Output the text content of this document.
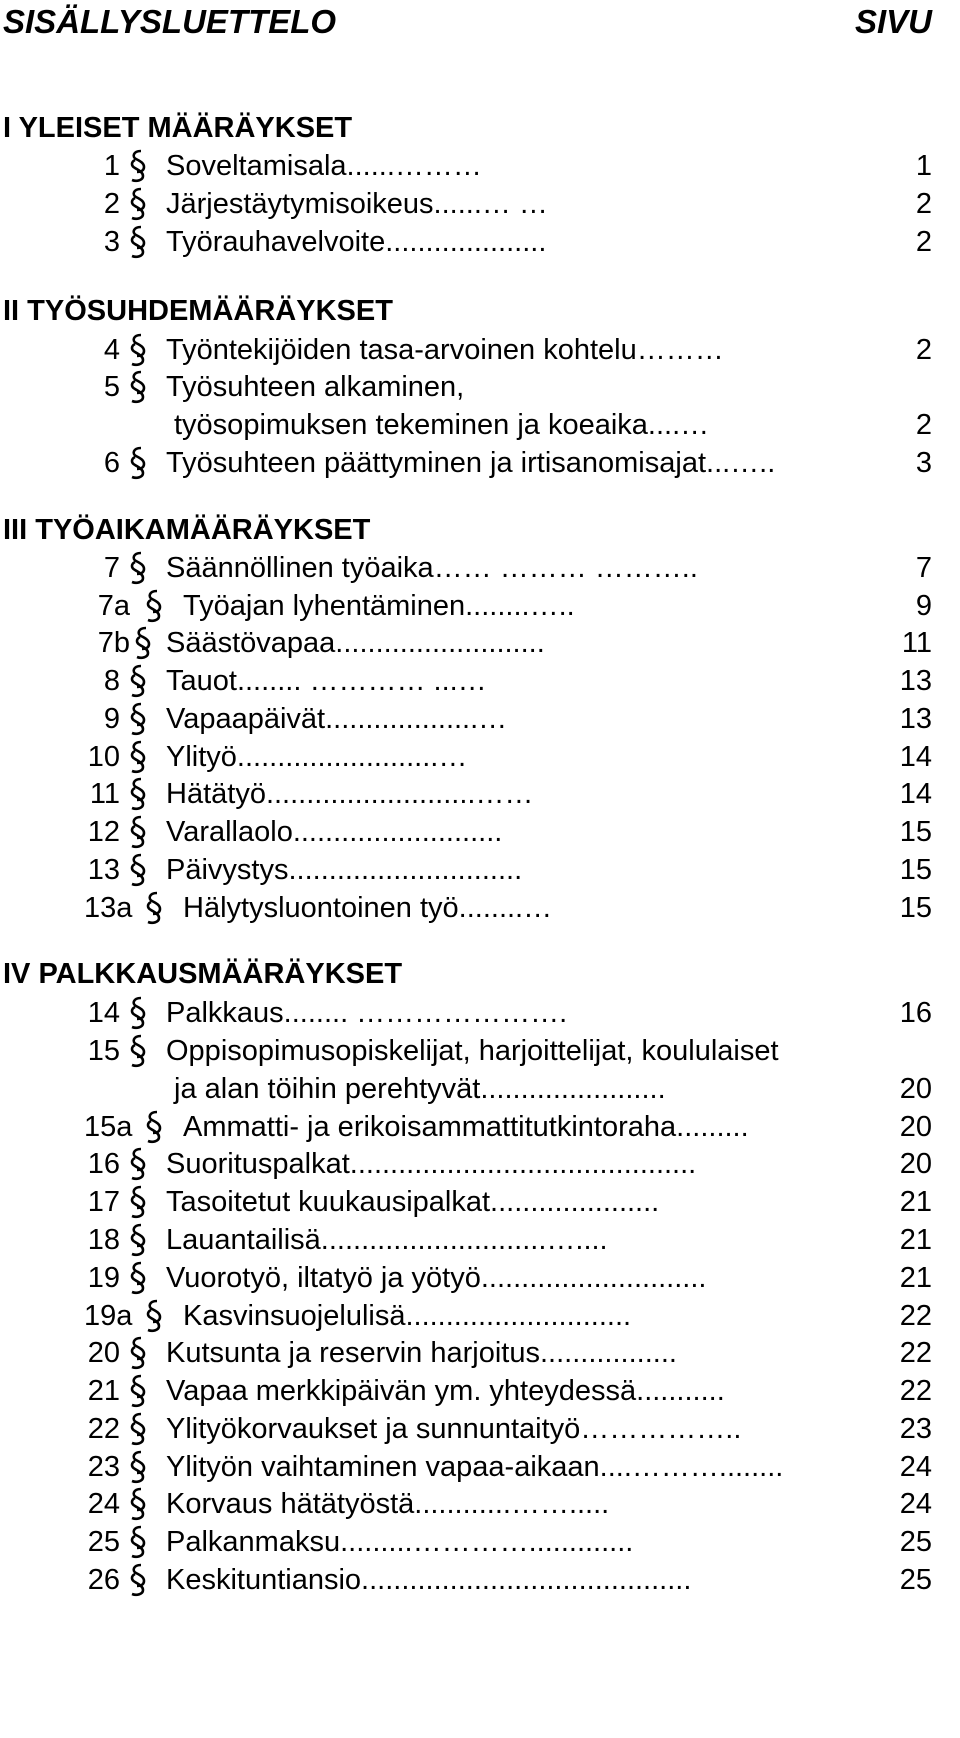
SISÄLLYSLUETTELO	SIVU
I YLEISET MÄÄRÄYKSET
1 Soveltamisala......………	1
2 Järjestäytymisoikeus......… …	2
3 Työrauhavelvoite....................	2
II TYÖSUHDEMÄÄRÄYKSET
4 Työntekijöiden tasa-arvoinen kohtelu………	2
5 Työsuhteen alkaminen,
työsopimuksen tekeminen ja koeaika....…	2
6 Työsuhteen päättyminen ja irtisanomisajat...…..	3
III TYÖAIKAMÄÄRÄYKSET
7 Säännöllinen työaika…… ……… ………..	7
7a Työajan lyhentäminen........…..	9
7b Säästövapaa..........................	11
8 Tauot........ ………… ...…	13
9 Vapaapäivät...................…	13
10 Ylityö.........................…	14
11 Hätätyö..........................……	14
12 Varallaolo..........................	15
13 Päivystys.............................	15
13a Hälytysluontoinen työ........…	15
IV PALKKAUSMÄÄRÄYKSET
14 Palkkaus........ ………………….	16
15 Oppisopimusopiskelijat, harjoittelijat, koululaiset
ja alan töihin perehtyvät.......................	20
15a Ammatti- ja erikoisammattitutkintoraha.........	20
16 Suorituspalkat...........................................	20
17 Tasoitetut kuukausipalkat.....................	21
18 Lauantailisä............................…....	21
19 Vuorotyö, iltatyö ja yötyö............................	21
19a Kasvinsuojelulisä............................	22
20 Kutsunta ja reservin harjoitus.................	22
21 Vapaa merkkipäivän ym. yhteydessä...........	22
22 Ylityökorvaukset ja sunnuntaityö……………..	23
23 Ylityön vaihtaminen vapaa-aikaan....………........	24
24 Korvaus hätätyöstä............…….....	24
25 Palkanmaksu.........………….............	25
26 Keskituntiansio.........................................	25
